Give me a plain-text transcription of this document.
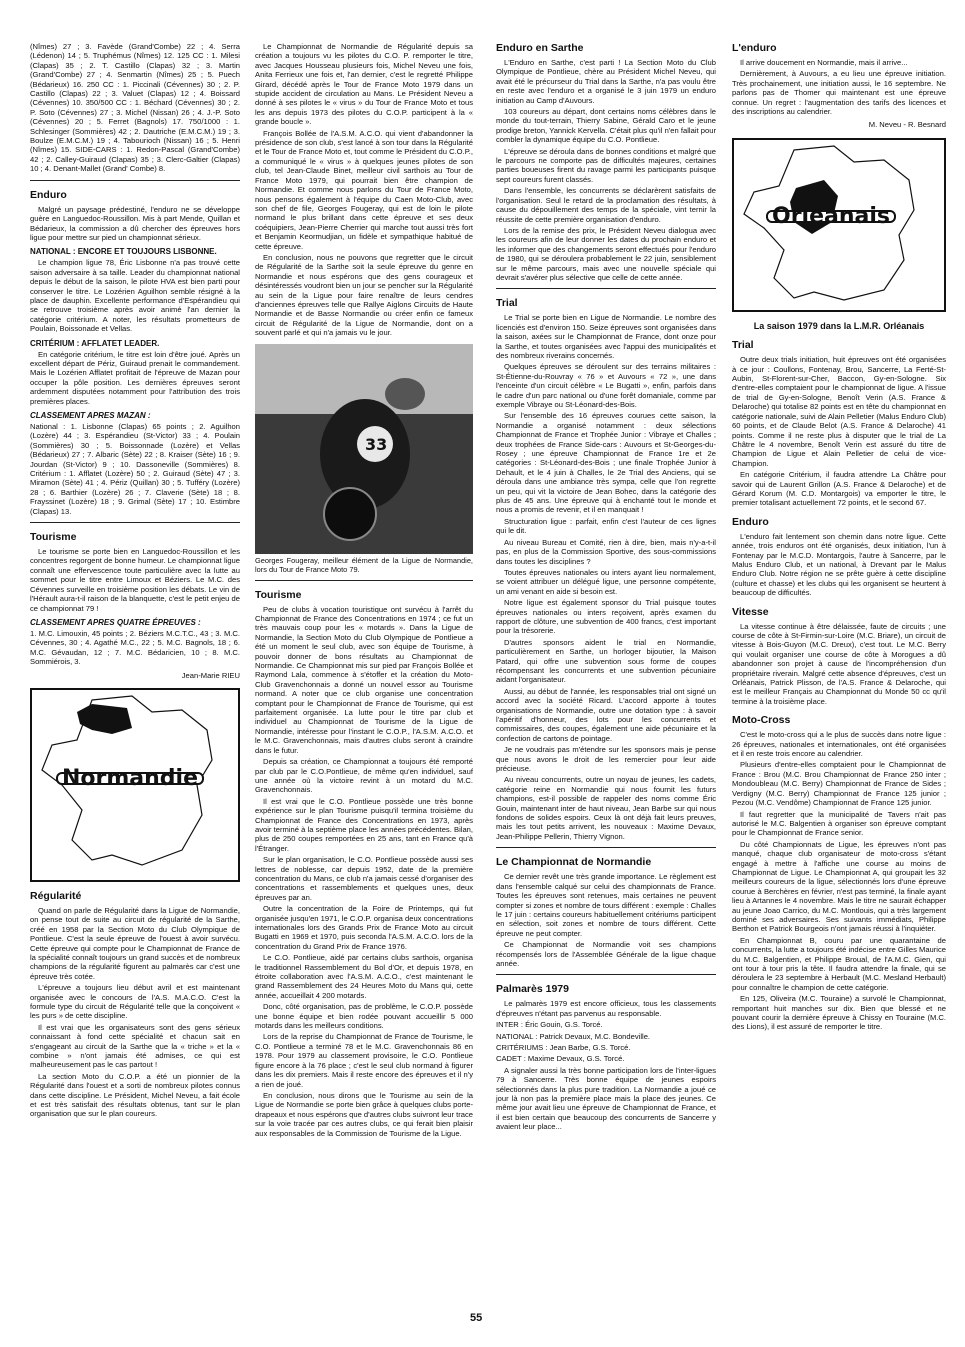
(Nîmes) 27 ; 3. Favède (Grand'Combe) 22 ; 4. Serra (Lédenon) 14 ; 5. Truphémus (Nîmes) 12. 125 CC : 1. Milesi (Clapas) 35 ; 2. T. Castillo (Clapas) 32 ; 3. Martin (Grand'Combe) 27 ; 4. Senmartin (Nîmes) 25 ; 5. Puech (Bédarieux) 16. 250 CC : 1. Piccinali (Cévennes) 30 ; 2. P. Castillo (Clapas) 22 ; 3. Valuet (Clapas) 12 ; 4. Boissard (Cévennes) 10. 350/500 CC : 1. Béchard (Cévennes) 30 ; 2. P. Soto (Cévennes) 27 ; 3. Michel (Nissan) 26 ; 4. J.-P. Soto (Cévennes) 20 ; 5. Ferret (Bagnols) 17. 750/1000 : 1. Schlesinger (Sommières) 42 ; 2. Dautriche (E.M.C.M.) 19 ; 3. Boulze (E.M.C.M.) 19 ; 4. Tabourioch (Nissan) 16 ; 5. Henri (Nîmes) 15. SIDE-CARS : 1. Redon-Pascal (Grand'Combe) 42 ; 2. Calley-Guiraud (Clapas) 35 ; 3. Clerc-Galtier (Clapas) 10 ; 4. Denant-Mallet (Grand' Combe) 8.

Enduro

Malgré un paysage prédestiné, l'enduro ne se développe guère en Languedoc-Roussillon. Mis à part Mende, Quillan et Bédarieux, la commission a dû chercher des épreuves hors ligue pour mettre sur pied un championnat sérieux.

NATIONAL : ENCORE ET TOUJOURS LISBONNE.

Le champion ligue 78, Éric Lisbonne n'a pas trouvé cette saison adversaire à sa taille. Leader du championnat national depuis le début de la saison, le pilote HVA est bien parti pour conserver le titre. Le Lozérien Aguilhon semble résigné à la place de dauphin. Excellente performance d'Espérandieu qui se retrouve troisième après avoir animé l'an dernier la catégorie critérium. A noter, les résultats prometteurs de Poulain, Boissonade et Vellas.

CRITÉRIUM : AFFLATET LEADER.

En catégorie critérium, le titre est loin d'être joué. Après un excellent départ de Périz, Guiraud prenait le commandement. Mais le Lozérien Afflatet profitait de l'épreuve de Mazan pour occuper la pôle position. Les dernières épreuves seront ardemment disputées notamment pour l'attribution des trois premières places.

CLASSEMENT APRES MAZAN :

National : 1. Lisbonne (Clapas) 65 points ; 2. Aguilhon (Lozère) 44 ; 3. Espérandieu (St-Victor) 33 ; 4. Poulain (Sommières) 30 ; 5. Boissonnade (Lozère) et Vellas (Bédarieux) 27 ; 7. Albaric (Sète) 22 ; 8. Kraiser (Sète) 16 ; 9. Jourdan (St-Victor) 9 ; 10. Dassoneville (Sommières) 8. Critérium : 1. Afflatet (Lozère) 50 ; 2. Guiraud (Sète) 47 ; 3. Miramon (Sète) 41 ; 4. Périz (Quillan) 30 ; 5. Tufféry (Lozère) 28 ; 6. Barthier (Lozère) 26 ; 7. Claverie (Sète) 18 ; 8. Frayssinet (Lozère) 18 ; 9. Grimal (Sète) 17 ; 10. Estimbre (Clapas) 13.

Tourisme

Le tourisme se porte bien en Languedoc-Roussillon et les concentres regorgent de bonne humeur. Le championnat ligue connaît une effervescence toute particulière avec la lutte au sommet pour le titre entre Limoux et Béziers. Le M.C. des Cévennes surveille en troisième position les débats. Le vin de l'Hérault aura-t-il raison de la blanquette, c'est le petit enjeu de ce championnat 79 !

CLASSEMENT APRES QUATRE ÉPREUVES :

1. M.C. Limouxin, 45 points ; 2. Béziers M.C.T.C., 43 ; 3. M.C. Cévennes, 30 ; 4. Agathé M.C., 22 ; 5. M.C. Bagnols, 18 ; 6. M.C. Gévaudan, 12 ; 7. M.C. Bédaricien, 10 ; 8. M.C. Sommiérois, 3.

Jean-Marie RIEU
Normandie
Régularité

Quand on parle de Régularité dans la Ligue de Normandie, on pense tout de suite au circuit de régularité de la Sarthe, créé en 1958 par la Section Moto du Club Olympique de Pontlieue. C'est la seule épreuve de l'ouest à avoir survécu. Cette épreuve qui compte pour le Championnat de France de la spécialité connaît toujours un grand succès et de nombreux champions de la régularité figurent au palmarès car c'est une épreuve très cotée.

L'épreuve a toujours lieu début avril et est maintenant organisée avec le concours de l'A.S. M.A.C.O. C'est la formule type du circuit de Régularité telle que la conçoivent « les purs » de cette discipline.

Il est vrai que les organisateurs sont des gens sérieux connaissant à fond cette spécialité et chacun sait en s'engageant au circuit de la Sarthe que la « triche » et la « combine » n'ont jamais été admises, ce qui est malheureusement pas le cas partout !

La section Moto du C.O.P. a été un pionnier de la Régularité dans l'ouest et a sorti de nombreux pilotes connus dans cette discipline. Le Président, Michel Neveu, a fait école et est très satisfait des résultats obtenus, tant sur le plan organisation que sur le plan coureurs.

Le Championnat de Normandie de Régularité depuis sa création a toujours vu les pilotes du C.O. P. remporter le titre, avec Jacques Housseau plusieurs fois, Michel Neveu une fois, Anita Ferrieux une fois et, l'an dernier, c'est le regretté Philippe Girard, décédé après le Tour de France Moto 1979 dans un stupide accident de circulation au Mans. Le Président Neveu a donné à ses pilotes le « virus » du Tour de France Moto et tous les ans depuis 1973 des pilotes du C.O.P. participent à la « grande boucle ».

François Bollée de l'A.S.M. A.C.O. qui vient d'abandonner la présidence de son club, s'est lancé à son tour dans la Régularité et le Tour de France Moto et, tout comme le Président du C.O.P., a communiqué le « virus » à quelques jeunes pilotes de son club, tel Jean-Claude Binet, meilleur civil sarthois au Tour de France Moto 1979, qui pourrait bien être champion de Normandie. Et comme nous parlons du Tour de France Moto, nous pensons également à l'équipe du Caen Moto-Club, avec son chef de file, Georges Fougeray, qui est de loin le pilote normand le plus brillant dans cette épreuve et ses deux coéquipiers, Jean-Pierre Cherrier qui marche tout aussi très fort et Benjamin Keormudjian, un fidèle et sympathique habitué de cette épreuve.

En conclusion, nous ne pouvons que regretter que le circuit de Régularité de la Sarthe soit la seule épreuve du genre en Normandie et nous espérons que des gens courageux et désintéressés voudront bien un jour se pencher sur la Régularité au sein de la Ligue pour faire renaître de leurs cendres d'anciennes épreuves telle que Rallye Aiglons Circuits de Haute Normandie et de Basse Normandie ou créer enfin ce fameux circuit de Régularité de la Ligue de Normandie, dont on a souvent parlé et qui n'a jamais vu le jour.

33
Georges Fougeray, meilleur élément de la Ligue de Normandie, lors du Tour de France Moto 79.
Tourisme

Peu de clubs à vocation touristique ont survécu à l'arrêt du Championnat de France des Concentrations en 1974 ; ce fut un très mauvais coup pour les « motards ». Dans la Ligue de Normandie, la Section Moto du Club Olympique de Pontlieue a été un moment le seul club, avec son équipe de Tourisme, à pouvoir donner de bons résultats au Championnat de Normandie. Ce Championnat mis sur pied par François Bollée et Raymond Lala, commence à s'étoffer et la création du Moto-Club Gravenchonnais a donné un nouvel essor au Tourisme normand. A noter que ce club organise une concentration comptant pour le Championnat de France de Tourisme, qui est parfaitement organisée. La lutte pour le titre par club et individuel au Championnat de Tourisme de la Ligue de Normandie, intéresse pour l'instant le C.O.P., l'A.S.M. A.C.O. et le M.C. Gravenchonnais, mais d'autres clubs seront à craindre dans le futur.

Depuis sa création, ce Championnat a toujours été remporté par club par le C.O.Pontlieue, de même qu'en individuel, sauf une année où la victoire revint à un motard du M.C. Gravenchonnais.

Il est vrai que le C.O. Pontlieue possède une très bonne expérience sur le plan Tourisme puisqu'il termina troisième du Championnat de France des Concentrations en 1973, après avoir terminé à la septième place les années précédentes. Bilan, plus de 250 coupes remportées en 25 ans, tant en France qu'à l'Étranger.

Sur le plan organisation, le C.O. Pontlieue possède aussi ses lettres de noblesse, car depuis 1952, date de la première concentration du Mans, ce club n'a jamais cessé d'organiser des concentrations et rassemblements et quelques unes, deux épreuves par an.

Outre la concentration de la Foire de Printemps, qui fut organisée jusqu'en 1971, le C.O.P. organisa deux concentrations internationales lors des Grands Prix de France Moto au circuit Bugatti en 1969 et 1970, puis seconda l'A.S.M. A.C.O. lors de la concentration du Grand Prix de France 1976.

Le C.O. Pontlieue, aidé par certains clubs sarthois, organisa le traditionnel Rassemblement du Bol d'Or, et depuis 1978, en étroite collaboration avec l'A.S.M. A.C.O., c'est maintenant le grand Rassemblement des 24 Heures Moto du Mans qui, cette année, accueillait 4 200 motards.

Donc, côté organisation, pas de problème, le C.O.P. possède une bonne équipe et bien rodée pouvant accueillir 5 000 motards dans les meilleurs conditions.

Lors de la reprise du Championnat de France de Tourisme, le C.O. Pontlieue a terminé 78 et le M.C. Gravenchonnais 86 en 1978. Pour 1979 au classement provisoire, le C.O. Pontlieue figure encore à la 76 place ; c'est le seul club normand à figurer dans les dix premiers. Mais il reste encore des épreuves et il n'y a rien de joué.

En conclusion, nous dirons que le Tourisme au sein de la Ligue de Normandie se porte bien grâce à quelques clubs porte-drapeaux et nous espérons que d'autres clubs suivront leur trace sur la voie tracée par ces autres clubs, ce qui ferait bien plaisir aux responsables de la Commission de Tourisme de la Ligue.

Enduro en Sarthe

L'Enduro en Sarthe, c'est parti ! La Section Moto du Club Olympique de Pontlieue, chère au Président Michel Neveu, qui avait été le précurseur du Trial dans la Sarthe, n'a pas voulu être en reste avec l'enduro et a organisé le 3 juin 1979 un enduro initiation au Camp d'Auvours.

103 coureurs au départ, dont certains noms célèbres dans le monde du tout-terrain, Thierry Sabine, Gérald Caro et le jeune prodige breton, Yannick Kervella. C'était plus qu'il n'en fallait pour combler la dynamique équipe du C.O. Pontlieue.

L'épreuve se déroula dans de bonnes conditions et malgré que le parcours ne comporte pas de difficultés majeures, certaines parties boueuses firent du ravage parmi les participants puisque sept coureurs furent classés.

Dans l'ensemble, les concurrents se déclarèrent satisfaits de l'organisation. Seul le retard de la proclamation des résultats, à cause du dépouillement des temps de la spéciale, vint ternir la réussite de cette première organisation d'enduro.

Lors de la remise des prix, le Président Neveu dialogua avec les coureurs afin de leur donner les dates du prochain enduro et les informer que des changements seront effectués pour l'enduro de 1980, qui se déroulera probablement le 22 juin, sensiblement sur le même parcours, mais avec une nouvelle spéciale qui devrait s'avérer plus sélective que celle de cette année.

Trial

Le Trial se porte bien en Ligue de Normandie. Le nombre des licenciés est d'environ 150. Seize épreuves sont organisées dans la saison, axées sur le Championnat de France, dont onze pour la Sarthe, et toutes organisées avec l'appui des municipalités et des nombreux riverains concernés.

Quelques épreuves se déroulent sur des terrains militaires : St-Étienne-du-Rouvray « 76 » et Auvours « 72 », une dans l'enceinte d'un circuit célèbre « Le Bugatti », enfin, parfois dans le cadre d'un parc national ou d'une forêt domaniale, comme par exemple Vibraye ou St-Léonard-des-Bois.

Sur l'ensemble des 16 épreuves courues cette saison, la Normandie a organisé notamment : deux sélections Championnat de France et Trophée Junior : Vibraye et Challes ; deux trophées de France Side-cars : Auvours et St-Georges-du-Rosey ; une épreuve Championnat de France 1re et 2e catégories : St-Léonard-des-Bois ; une finale Trophée Junior à Dehault, et le 4 juin à Challes, le 2e Trial des Anciens, qui se déroula dans une ambiance très sympa, celle que l'on regrette un peu, qui vit la victoire de Jean Bohec, dans la catégorie des plus de 45 ans. Une épreuve qui à enchanté tout le monde et nous a promis de revenir, et il en manquait !

Structuration ligue : parfait, enfin c'est l'auteur de ces lignes qui le dit.

Au niveau Bureau et Comité, rien à dire, bien, mais n'y-a-t-il pas, en plus de la Commission Sportive, des sous-commissions dans toutes les disciplines ?

Toutes épreuves nationales ou inters ayant lieu normalement, se voient attribuer un délégué ligue, une personne compétente, un ami venant en aide si besoin est.

Notre ligue est également sponsor du Trial puisque toutes épreuves nationales ou inters reçoivent, après examen du rapport de clôture, une subvention de 400 francs, c'est important pour la trésorerie.

D'autres sponsors aident le trial en Normandie, particulièrement en Sarthe, un horloger bijoutier, la Maison Patard, qui offre une subvention sous forme de coupes récompensant les concurrents et une subvention pécuniaire aidant l'organisateur.

Aussi, au début de l'année, les responsables trial ont signé un accord avec la société Ricard. L'accord apporte à toutes organisations de Normandie, outre une dotation type : à savoir l'apéritif d'honneur, des lots pour les concurrents et commissaires, des coupes, également une aide pécuniaire et la confection de cartons de pointage.

Je ne voudrais pas m'étendre sur les sponsors mais je pense que nous avons le droit de les remercier pour leur aide précieuse.

Au niveau concurrents, outre un noyau de jeunes, les cadets, catégorie reine en Normandie qui nous fournit les futurs champions, est-il possible de rappeler des noms comme Éric Gouin, maintenant inter de haut niveau, Jean Barbe sur qui nous fondons de solides espoirs. Ceux là ont déjà fait leurs preuves, mais les tout petits arrivent, les nouveaux : Maxime Devaux, Jean-Philippe Pellerin, Thierry Vignon.

Le Championnat de Normandie

Ce dernier revêt une très grande importance. Le règlement est dans l'ensemble calqué sur celui des championnats de France. Toutes les épreuves sont retenues, mais certaines ne peuvent compter si zones et nombre de tours différent : exemple : Challes le 17 juin : certains coureurs habituellement critériums participent en sélection, soit zones et nombre de tours différent. Cette épreuve ne peut compter.

Ce Championnat de Normandie voit ses champions récompensés lors de l'Assemblée Générale de la ligue chaque année.

Palmarès 1979

Le palmarès 1979 est encore officieux, tous les classements d'épreuves n'étant pas parvenus au responsable.

INTER : Éric Gouin, G.S. Torcé.

NATIONAL : Patrick Devaux, M.C. Bondeville.

CRITÉRIUMS : Jean Barbe, G.S. Torcé.

CADET : Maxime Devaux, G.S. Torcé.

A signaler aussi la très bonne participation lors de l'inter-ligues 79 à Sancerre. Très bonne équipe de jeunes espoirs sélectionnés dans la plus pure tradition. La Normandie a joué ce jour là non pas la première place mais la place des jeunes. Ce même jour avait lieu une épreuve de Championnat de France, et il est bien certain que beaucoup des concurrents de Sancerre y avaient leur place...

L'enduro

Il arrive doucement en Normandie, mais il arrive...

Dernièrement, à Auvours, a eu lieu une épreuve initiation. Très prochainement, une initiation aussi, le 16 septembre. Ne parlons pas de Thomer qui maintenant est une épreuve connue. Un regret : l'augmentation des tarifs des licences et des inscriptions au calendrier.

M. Neveu - R. Besnard
Orléanais
La saison 1979 dans la L.M.R. Orléanais
Trial

Outre deux trials initiation, huit épreuves ont été organisées à ce jour : Coullons, Fontenay, Brou, Sancerre, La Ferté-St-Aubin, St-Florent-sur-Cher, Baccon, Gy-en-Sologne. Six d'entre-elles comptaient pour le championnat de ligue. A l'issue de trial de Gy-en-Sologne, Benoît Verin (A.S. France & Delaroche) qui totalise 82 points est en tête du championnat en catégorie nationale, suivi de Alain Pelletier (Malus Enduro Club) 60 points, et de Claude Belot (A.S. France & Delaroche) 41 points. Comme il ne reste plus à disputer que le trial de La Châtre le 4 novembre, Benoît Verin est assuré du titre de Champion de Ligue et Alain Pelletier de celui de vice-Champion.

En catégorie Critérium, il faudra attendre La Châtre pour savoir qui de Laurent Grillon (A.S. France & Delaroche) et de Gérard Korum (M. C.D. Montargois) va emporter le titre, le premier totalisant actuellement 72 points, et le second 67.

Enduro

L'enduro fait lentement son chemin dans notre ligue. Cette année, trois enduros ont été organisés, deux initiation, l'un à Fontenay par le M.C.D. Montargois, l'autre à Sancerre, par le Malus Enduro Club, et un national, à Drevant par le Malus Enduro Club. Notre région ne se prête guère à cette discipline (culture et chasse) et les clubs qui les organisent se heurtent à beaucoup de difficultés.

Vitesse

La vitesse continue à être délaissée, faute de circuits ; une course de côte à St-Firmin-sur-Loire (M.C. Briare), un circuit de vitesse à Bois-Guyon (M.C. Dreux), c'est tout. Le M.C. Berry qui voulait organiser une course de côte à Morogues a dû abandonner son projet à cause de l'incompréhension d'un propriétaire riverain. Malgré cette absence d'épreuves, c'est un Orléanais, Patrick Plisson, de l'A.S. France & Delaroche, qui est le meilleur Français au Championnat du Monde 50 cc qu'il termine à la troisième place.

Moto-Cross

C'est le moto-cross qui a le plus de succès dans notre ligue : 26 épreuves, nationales et internationales, ont été organisées et il en reste trois encore au calendrier.

Plusieurs d'entre-elles comptaient pour le Championnat de France : Brou (M.C. Brou Championnat de France 250 inter ; Mondoubleau (M.C. Berry) Championnat de France de Sides ; Verdigny (M.C. Berry) Championnat de France 125 junior ; Pezou (M.C. Vendôme) Championnat de France 125 junior.

Il faut regretter que la municipalité de Tavers n'ait pas autorisé le M.C. Balgentien à organiser son épreuve comptant pour le Championnat de France senior.

Du côté Championnats de Ligue, les épreuves n'ont pas manqué, chaque club organisateur de moto-cross s'étant engagé à mettre à l'affiche une course au moins de Championnat de Ligue. Le Championnat A, qui groupait les 32 meilleurs coureurs de la ligue, sélectionnés lors d'une épreuve courue à Berchères en février, n'est pas terminé, la finale ayant lieu à Artannes le 4 novembre. Mais le titre ne saurait échapper au jeune Joao Carrico, du M.C. Montlouis, qui a très largement dominé ses adversaires. Ses suivants immédiats, Philippe Berthon et Patrick Bourgeois n'ont jamais réussi à l'inquiéter.

En Championnat B, couru par une quarantaine de concurrents, la lutte a toujours été indécise entre Gilles Maurice du M.C. Balgentien, et Philippe Broual, de l'A.M.C. Gien, qui ont tour à tour pris la tête. Il faudra attendre la finale, qui se déroulera le 23 septembre à Herbault (M.C. Mesland Herbault) pour connaître le champion de cette catégorie.

En 125, Oliveira (M.C. Touraine) a survolé le Championnat, remportant huit manches sur dix. Bien que blessé et ne pouvant courir la dernière épreuve à Chissy en Touraine (M.C. des Lions), il est assuré de remporter le titre.

55
